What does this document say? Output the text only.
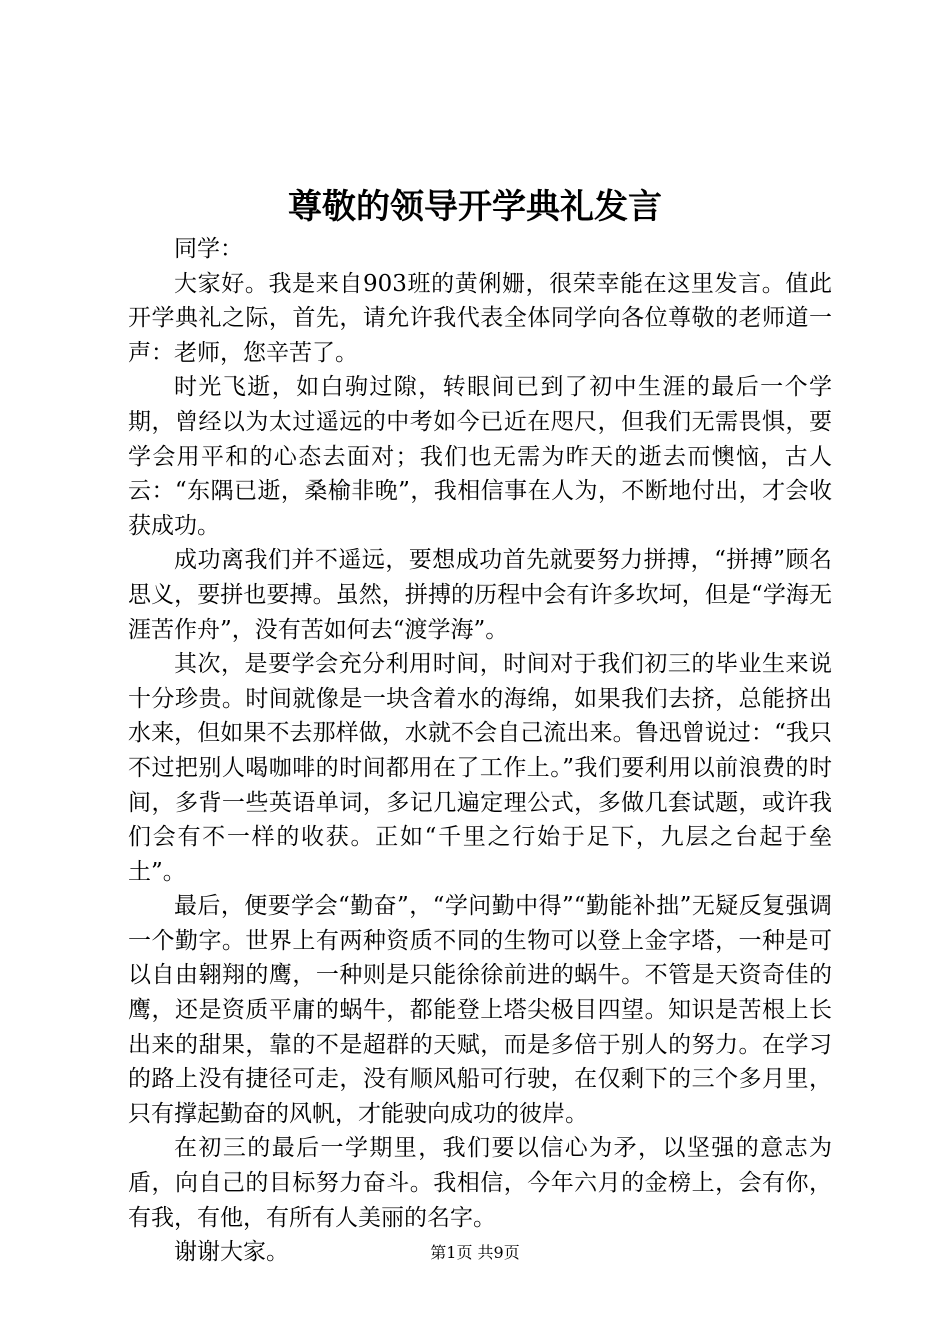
尊敬的领导开学典礼发言

同学：

大家好。我是来自903班的黄俐姗，很荣幸能在这里发言。值此开学典礼之际，首先，请允许我代表全体同学向各位尊敬的老师道一声：老师，您辛苦了。

时光飞逝，如白驹过隙，转眼间已到了初中生涯的最后一个学期，曾经以为太过遥远的中考如今已近在咫尺，但我们无需畏惧，要学会用平和的心态去面对；我们也无需为昨天的逝去而懊恼，古人云：“东隅已逝，桑榆非晚”，我相信事在人为，不断地付出，才会收获成功。

成功离我们并不遥远，要想成功首先就要努力拼搏，“拼搏”顾名思义，要拼也要搏。虽然，拼搏的历程中会有许多坎坷，但是“学海无涯苦作舟”，没有苦如何去“渡学海”。

其次，是要学会充分利用时间，时间对于我们初三的毕业生来说十分珍贵。时间就像是一块含着水的海绵，如果我们去挤，总能挤出水来，但如果不去那样做，水就不会自己流出来。鲁迅曾说过：“我只不过把别人喝咖啡的时间都用在了工作上。”我们要利用以前浪费的时间，多背一些英语单词，多记几遍定理公式，多做几套试题，或许我们会有不一样的收获。正如“千里之行始于足下，九层之台起于垒土”。

最后，便要学会“勤奋”，“学问勤中得”“勤能补拙”无疑反复强调一个勤字。世界上有两种资质不同的生物可以登上金字塔，一种是可以自由翱翔的鹰，一种则是只能徐徐前进的蜗牛。不管是天资奇佳的鹰，还是资质平庸的蜗牛，都能登上塔尖极目四望。知识是苦根上长出来的甜果，靠的不是超群的天赋，而是多倍于别人的努力。在学习的路上没有捷径可走，没有顺风船可行驶，在仅剩下的三个多月里，只有撑起勤奋的风帆，才能驶向成功的彼岸。

在初三的最后一学期里，我们要以信心为矛，以坚强的意志为盾，向自己的目标努力奋斗。我相信，今年六月的金榜上，会有你，有我，有他，有所有人美丽的名字。

谢谢大家。	第1页 共9页
